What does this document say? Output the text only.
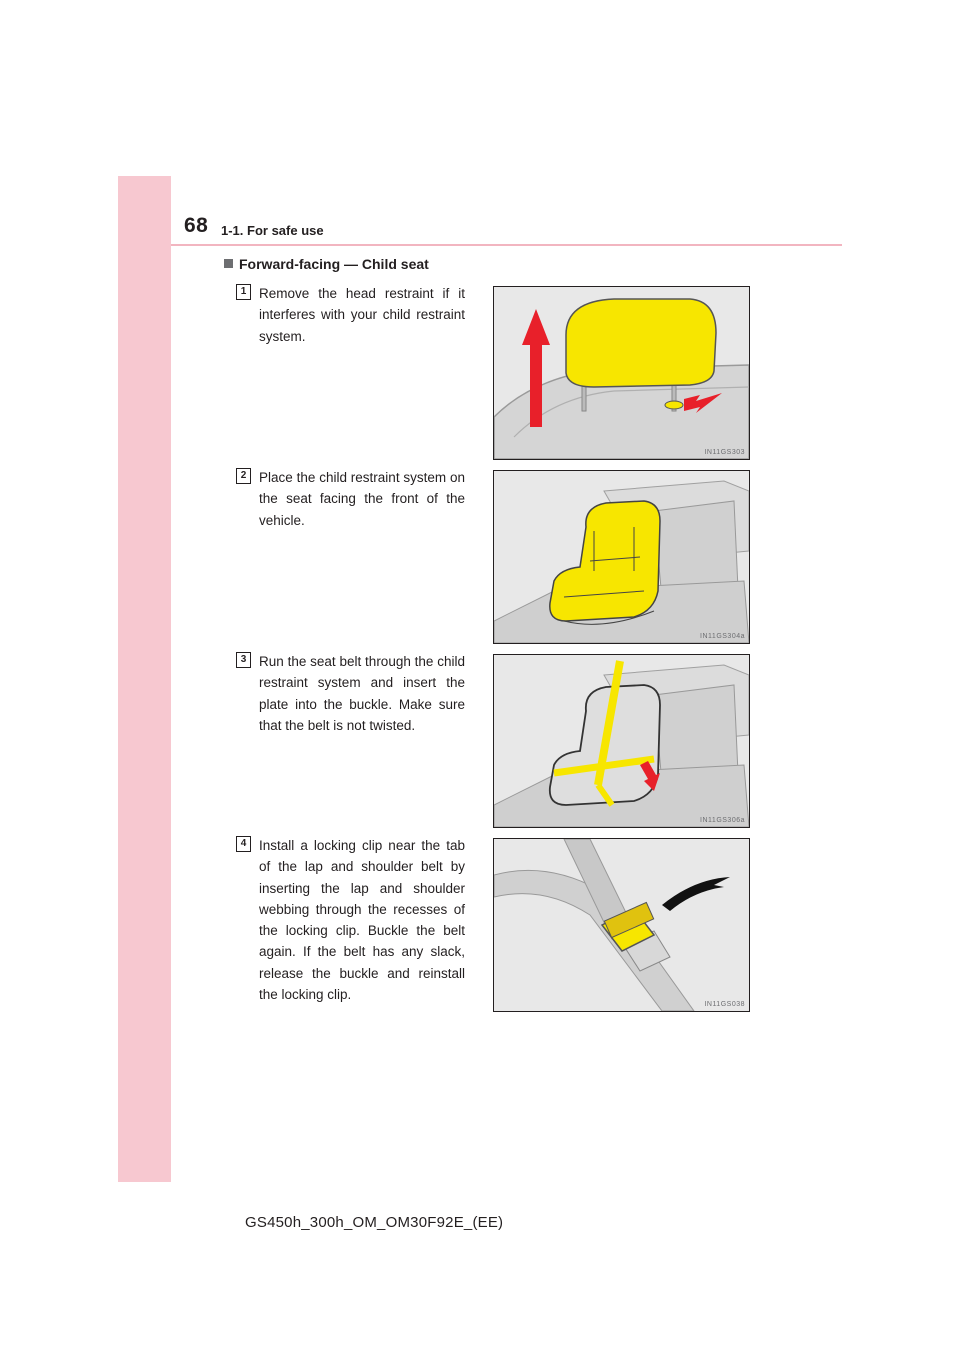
68 1-1. For safe use
Forward-facing — Child seat
1 Remove the head restraint if it interferes with your child restraint system.
IN11GS303
2 Place the child restraint system on the seat facing the front of the vehicle.
IN11GS304a
3 Run the seat belt through the child restraint system and insert the plate into the buckle. Make sure that the belt is not twisted.
IN11GS306a
4 Install a locking clip near the tab of the lap and shoulder belt by inserting the lap and shoulder webbing through the recesses of the locking clip. Buckle the belt again. If the belt has any slack, release the buckle and reinstall the locking clip.
IN11GS038
GS450h_300h_OM_OM30F92E_(EE)
